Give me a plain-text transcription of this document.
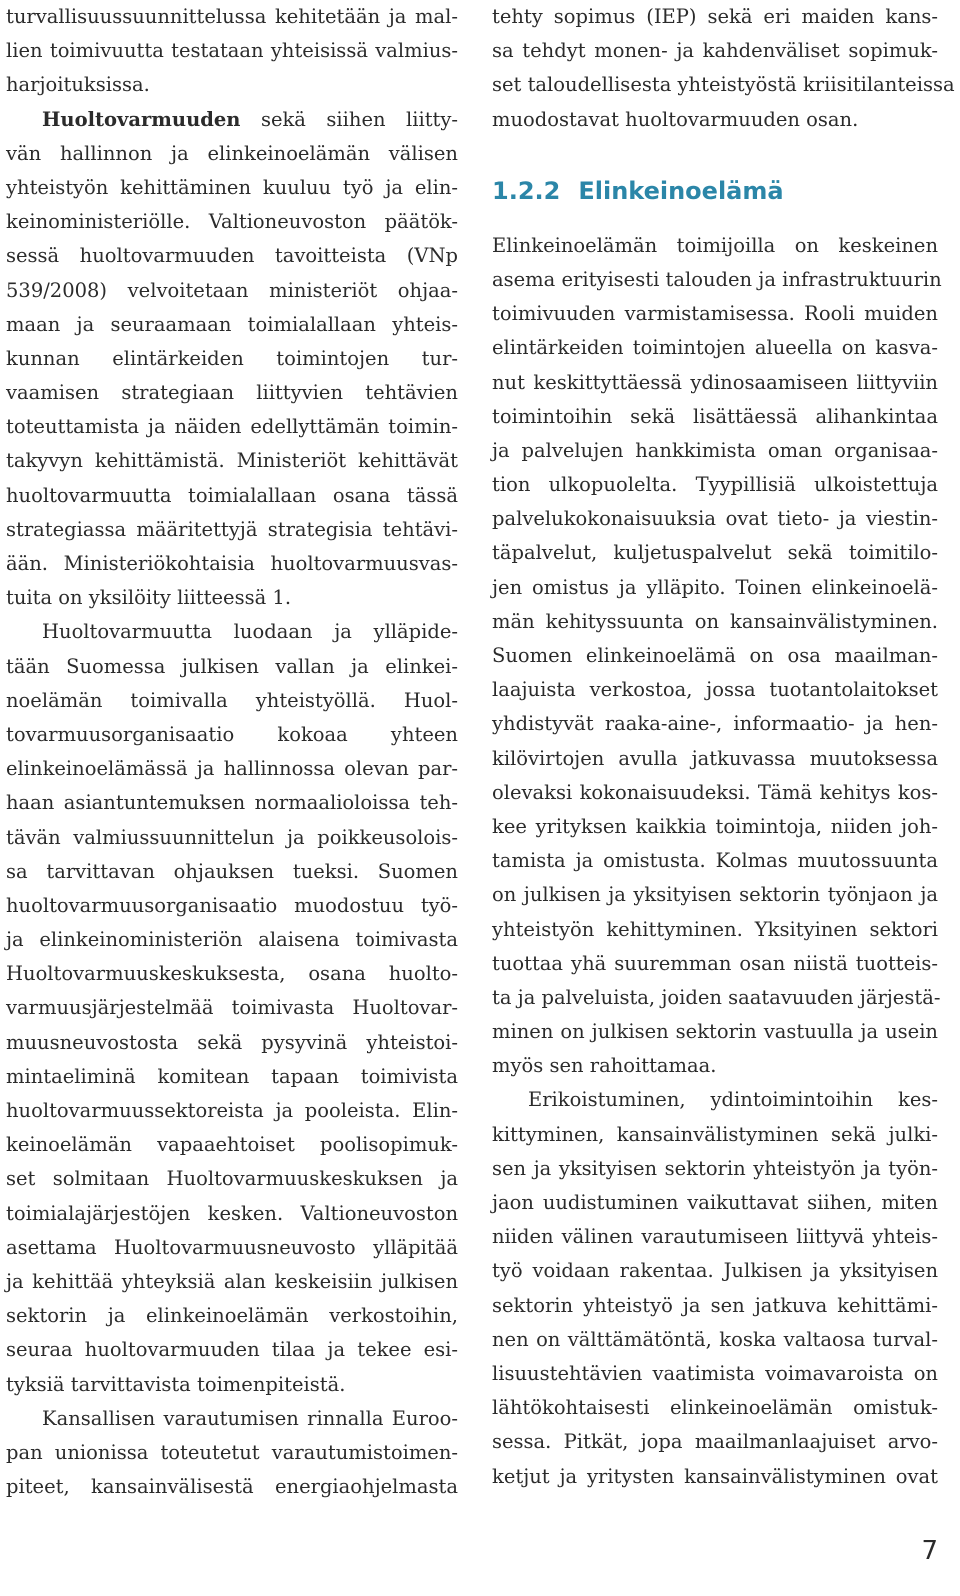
turvallisuussuunnittelussa kehitetään ja mal-
lien toimivuutta testataan yhteisissä valmius-
harjoituksissa.
Huoltovarmuuden sekä siihen liitty-
vän hallinnon ja elinkeinoelämän välisen
yhteistyön kehittäminen kuuluu työ ja elin-
keinoministeriölle. Valtioneuvoston päätök-
sessä huoltovarmuuden tavoitteista (VNp
539/2008) velvoitetaan ministeriöt ohjaa-
maan ja seuraamaan toimialallaan yhteis-
kunnan elintärkeiden toimintojen tur-
vaamisen strategiaan liittyvien tehtävien
toteuttamista ja näiden edellyttämän toimin-
takyvyn kehittämistä. Ministeriöt kehittävät
huoltovarmuutta toimialallaan osana tässä
strategiassa määritettyjä strategisia tehtävi-
ään. Ministeriökohtaisia huoltovarmuusvas-
tuita on yksilöity liitteessä 1.
Huoltovarmuutta luodaan ja ylläpide-
tään Suomessa julkisen vallan ja elinkei-
noelämän toimivalla yhteistyöllä. Huol-
tovarmuusorganisaatio kokoaa yhteen
elinkeinoelämässä ja hallinnossa olevan par-
haan asiantuntemuksen normaalioloissa teh-
tävän valmiussuunnittelun ja poikkeusolois-
sa tarvittavan ohjauksen tueksi. Suomen
huoltovarmuusorganisaatio muodostuu työ-
ja elinkeinoministeriön alaisena toimivasta
Huoltovarmuuskeskuksesta, osana huolto-
varmuusjärjestelmää toimivasta Huoltovar-
muusneuvostosta sekä pysyvinä yhteistoi-
mintaeliminä komitean tapaan toimivista
huoltovarmuussektoreista ja pooleista. Elin-
keinoelämän vapaaehtoiset poolisopimuk-
set solmitaan Huoltovarmuuskeskuksen ja
toimialajärjestöjen kesken. Valtioneuvoston
asettama Huoltovarmuusneuvosto ylläpitää
ja kehittää yhteyksiä alan keskeisiin julkisen
sektorin ja elinkeinoelämän verkostoihin,
seuraa huoltovarmuuden tilaa ja tekee esi-
tyksiä tarvittavista toimenpiteistä.
Kansallisen varautumisen rinnalla Euroo-
pan unionissa toteutetut varautumistoimen-
piteet, kansainvälisestä energiaohjelmasta
tehty sopimus (IEP) sekä eri maiden kans-
sa tehdyt monen- ja kahdenväliset sopimuk-
set taloudellisesta yhteistyöstä kriisitilanteissa
muodostavat huoltovarmuuden osan.
1.2.2 Elinkeinoelämä
Elinkeinoelämän toimijoilla on keskeinen
asema erityisesti talouden ja infrastruktuurin
toimivuuden varmistamisessa. Rooli muiden
elintärkeiden toimintojen alueella on kasva-
nut keskittyttäessä ydinosaamiseen liittyviin
toimintoihin sekä lisättäessä alihankintaa
ja palvelujen hankkimista oman organisaa-
tion ulkopuolelta. Tyypillisiä ulkoistettuja
palvelukokonaisuuksia ovat tieto- ja viestin-
täpalvelut, kuljetuspalvelut sekä toimitilo-
jen omistus ja ylläpito. Toinen elinkeinoelä-
män kehityssuunta on kansainvälistyminen.
Suomen elinkeinoelämä on osa maailman-
laajuista verkostoa, jossa tuotantolaitokset
yhdistyvät raaka-aine-, informaatio- ja hen-
kilövirtojen avulla jatkuvassa muutoksessa
olevaksi kokonaisuudeksi. Tämä kehitys kos-
kee yrityksen kaikkia toimintoja, niiden joh-
tamista ja omistusta. Kolmas muutossuunta
on julkisen ja yksityisen sektorin työnjaon ja
yhteistyön kehittyminen. Yksityinen sektori
tuottaa yhä suuremman osan niistä tuotteis-
ta ja palveluista, joiden saatavuuden järjestä-
minen on julkisen sektorin vastuulla ja usein
myös sen rahoittamaa.
Erikoistuminen, ydintoimintoihin kes-
kittyminen, kansainvälistyminen sekä julki-
sen ja yksityisen sektorin yhteistyön ja työn-
jaon uudistuminen vaikuttavat siihen, miten
niiden välinen varautumiseen liittyvä yhteis-
työ voidaan rakentaa. Julkisen ja yksityisen
sektorin yhteistyö ja sen jatkuva kehittämi-
nen on välttämätöntä, koska valtaosa turval-
lisuustehtävien vaatimista voimavaroista on
lähtökohtaisesti elinkeinoelämän omistuk-
sessa. Pitkät, jopa maailmanlaajuiset arvo-
ketjut ja yritysten kansainvälistyminen ovat
7
